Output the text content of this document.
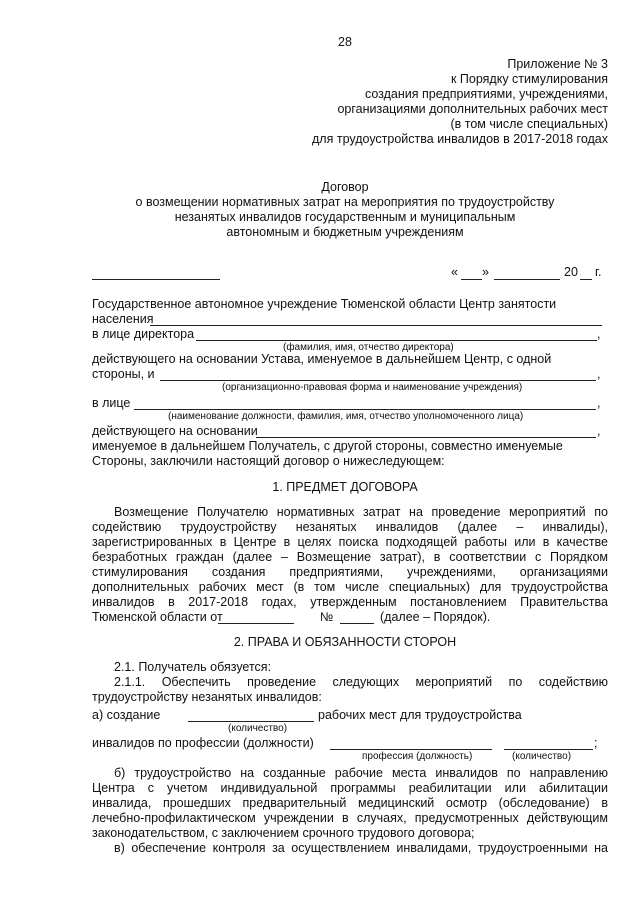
28
Приложение № 3
к Порядку стимулирования
создания предприятиями, учреждениями,
организациями дополнительных рабочих мест
(в том числе специальных)
для трудоустройства инвалидов в 2017-2018 годах
Договор
о возмещении нормативных затрат на мероприятия по трудоустройству
незанятых инвалидов государственным и муниципальным
автономным и бюджетным учреждениям
« »	20 г.
Государственное автономное учреждение Тюменской области Центр занятости
населения
в лице директора	,
(фамилия, имя, отчество директора)
действующего на основании Устава, именуемое в дальнейшем Центр, с одной
стороны, и	,
(организационно-правовая форма и наименование учреждения)
в лице	,
(наименование должности, фамилия, имя, отчество уполномоченного лица)
действующего на основании	,
именуемое в дальнейшем Получатель, с другой стороны, совместно именуемые
Стороны, заключили настоящий договор о нижеследующем:
1. ПРЕДМЕТ ДОГОВОРА
Возмещение Получателю нормативных затрат на проведение мероприятий по
содействию трудоустройству незанятых инвалидов (далее – инвалиды),
зарегистрированных в Центре в целях поиска подходящей работы или в качестве
безработных граждан (далее – Возмещение затрат), в соответствии с Порядком
стимулирования создания предприятиями, учреждениями, организациями
дополнительных рабочих мест (в том числе специальных) для трудоустройства
инвалидов в 2017-2018 годах, утвержденным постановлением Правительства
Тюменской области от	№	(далее – Порядок).
2. ПРАВА И ОБЯЗАННОСТИ СТОРОН
2.1. Получатель обязуется:
2.1.1. Обеспечить проведение следующих мероприятий по содействию
трудоустройству незанятых инвалидов:
а) создание	рабочих мест для трудоустройства
(количество)
инвалидов по профессии (должности)	;
профессия (должность)	(количество)
б) трудоустройство на созданные рабочие места инвалидов по направлению
Центра с учетом индивидуальной программы реабилитации или абилитации
инвалида, прошедших предварительный медицинский осмотр (обследование) в
лечебно-профилактическом учреждении в случаях, предусмотренных действующим
законодательством, с заключением срочного трудового договора;
в) обеспечение контроля за осуществлением инвалидами, трудоустроенными на
